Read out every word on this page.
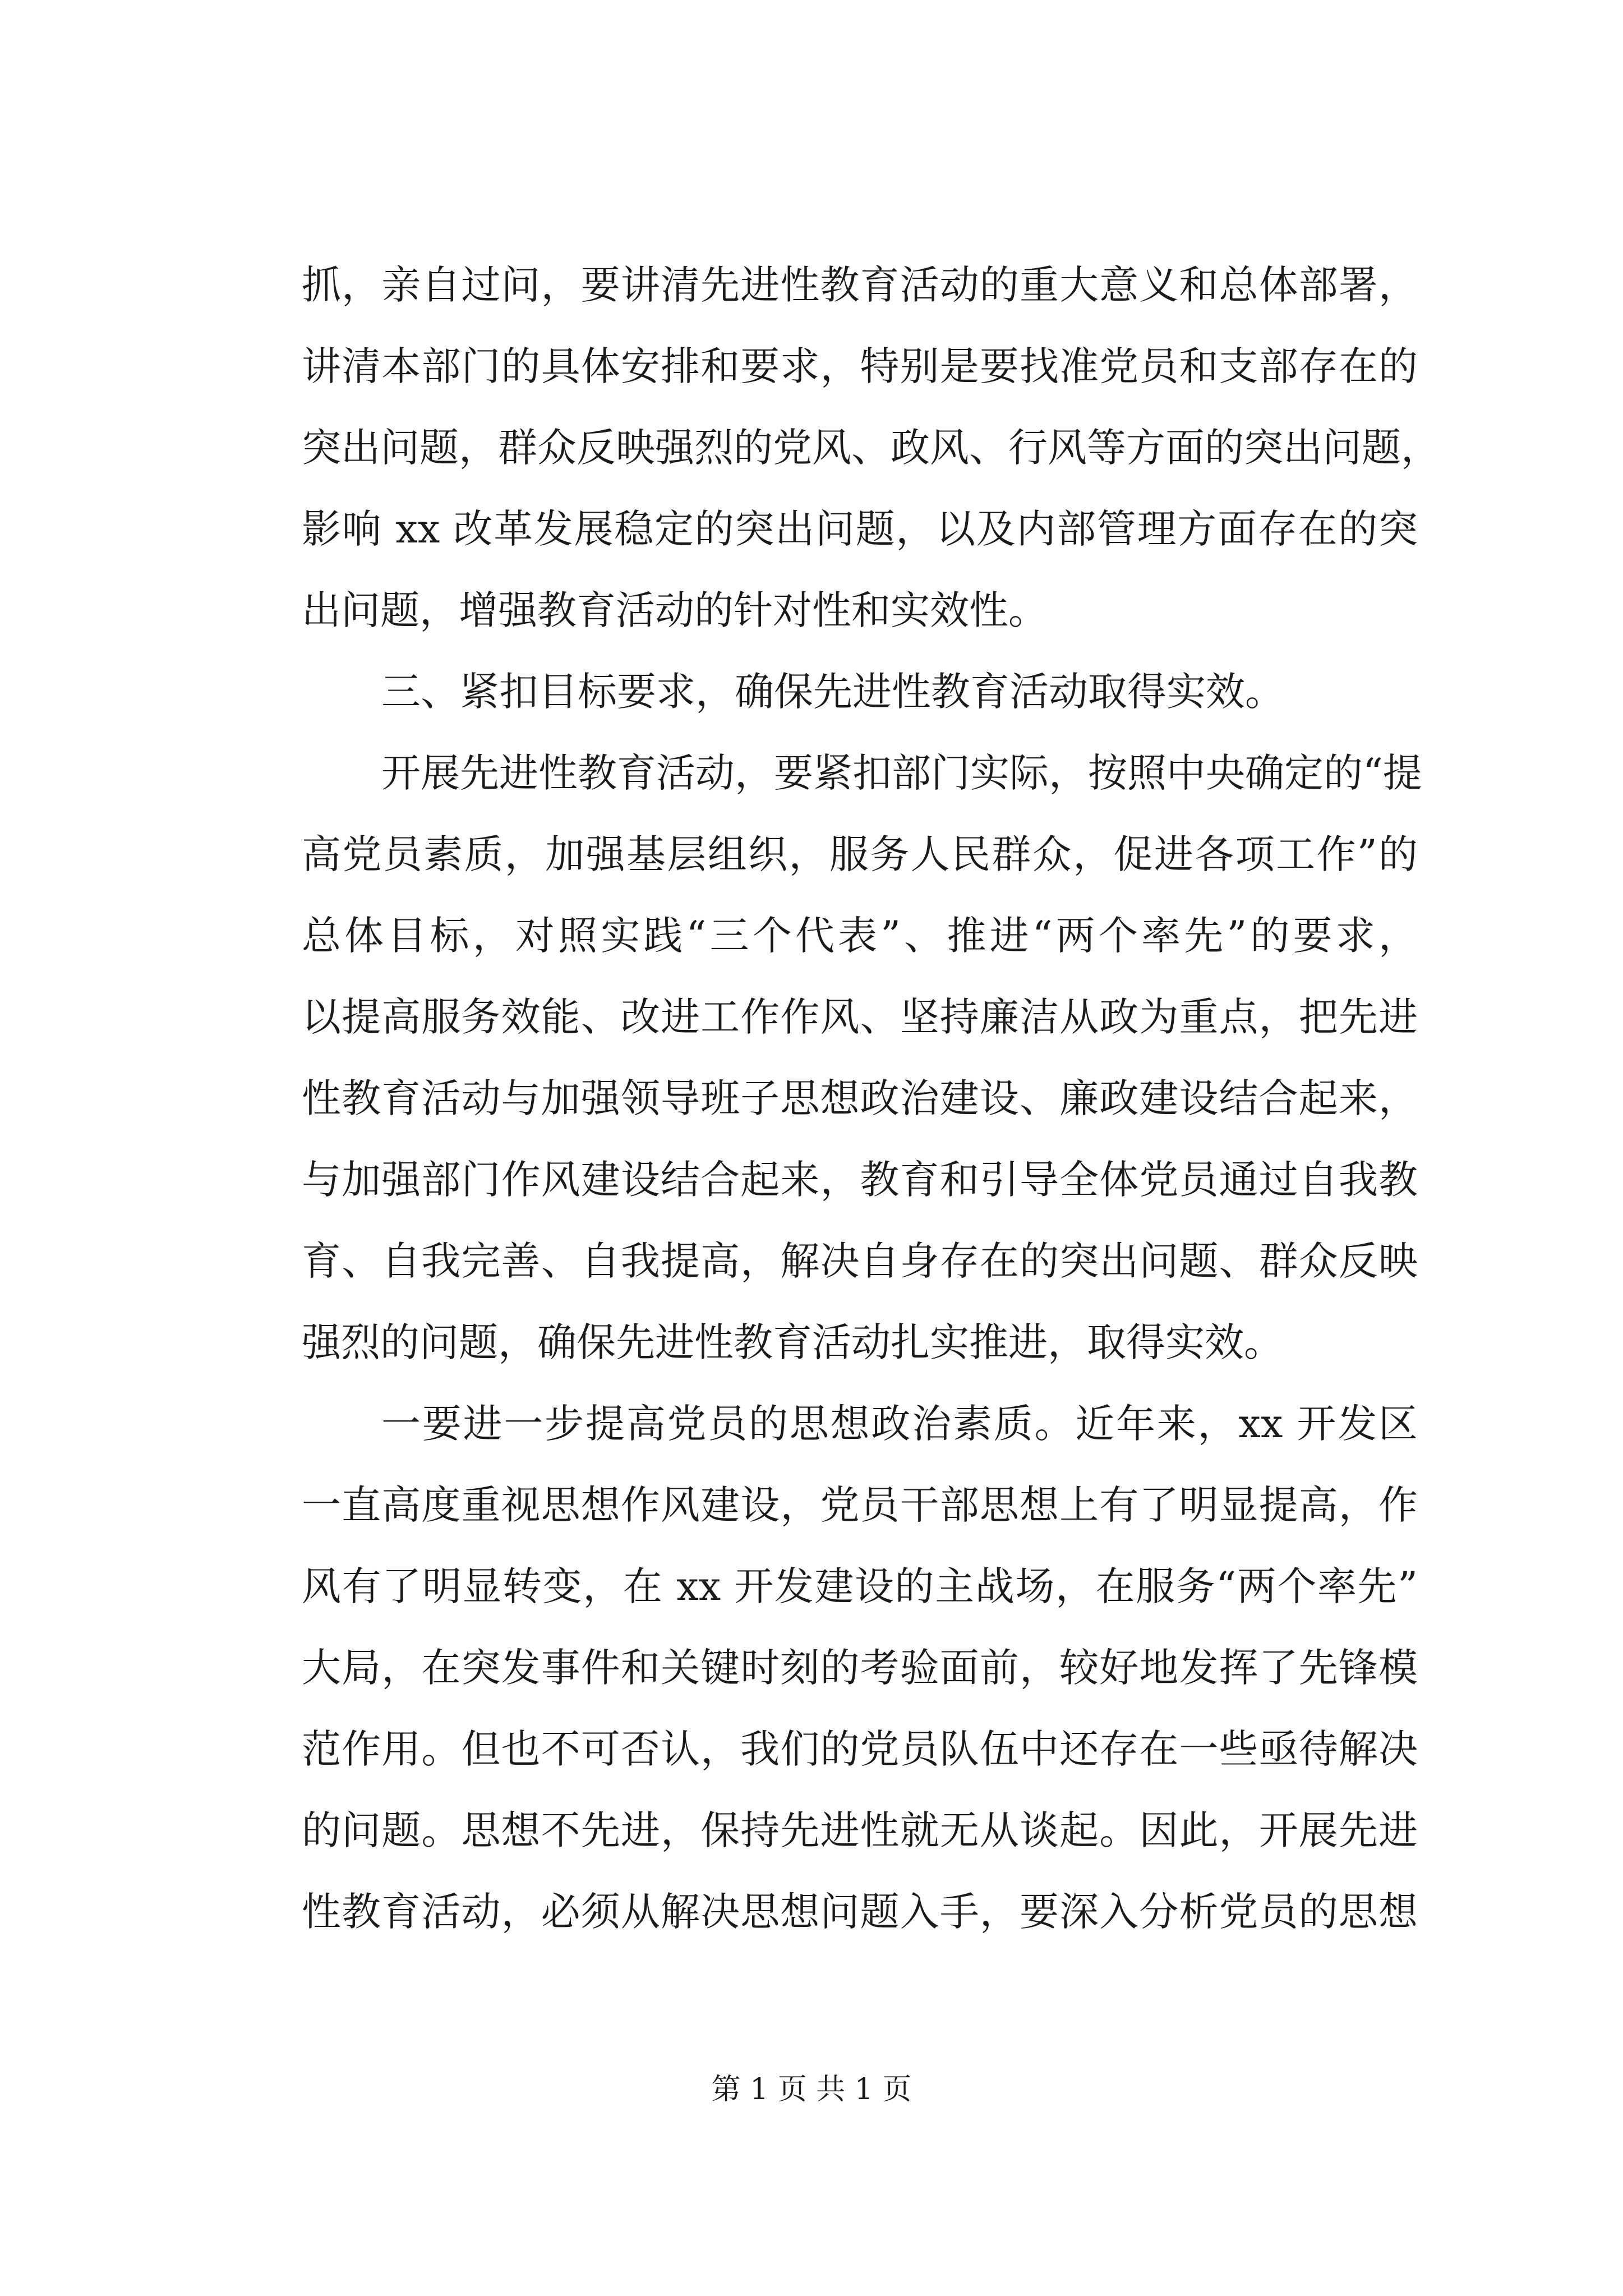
抓，亲自过问，要讲清先进性教育活动的重大意义和总体部署，
讲清本部门的具体安排和要求，特别是要找准党员和支部存在的
突出问题，群众反映强烈的党风、政风、行风等方面的突出问题，
影响 xx 改革发展稳定的突出问题，以及内部管理方面存在的突
出问题，增强教育活动的针对性和实效性。
三、紧扣目标要求，确保先进性教育活动取得实效。
开展先进性教育活动，要紧扣部门实际，按照中央确定的“提
高党员素质，加强基层组织，服务人民群众，促进各项工作”的
总体目标，对照实践“三个代表”、推进“两个率先”的要求，
以提高服务效能、改进工作作风、坚持廉洁从政为重点，把先进
性教育活动与加强领导班子思想政治建设、廉政建设结合起来，
与加强部门作风建设结合起来，教育和引导全体党员通过自我教
育、自我完善、自我提高，解决自身存在的突出问题、群众反映
强烈的问题，确保先进性教育活动扎实推进，取得实效。
一要进一步提高党员的思想政治素质。近年来，xx 开发区
一直高度重视思想作风建设，党员干部思想上有了明显提高，作
风有了明显转变，在 xx 开发建设的主战场，在服务“两个率先”
大局，在突发事件和关键时刻的考验面前，较好地发挥了先锋模
范作用。但也不可否认，我们的党员队伍中还存在一些亟待解决
的问题。思想不先进，保持先进性就无从谈起。因此，开展先进
性教育活动，必须从解决思想问题入手，要深入分析党员的思想
第 1 页 共 1 页
